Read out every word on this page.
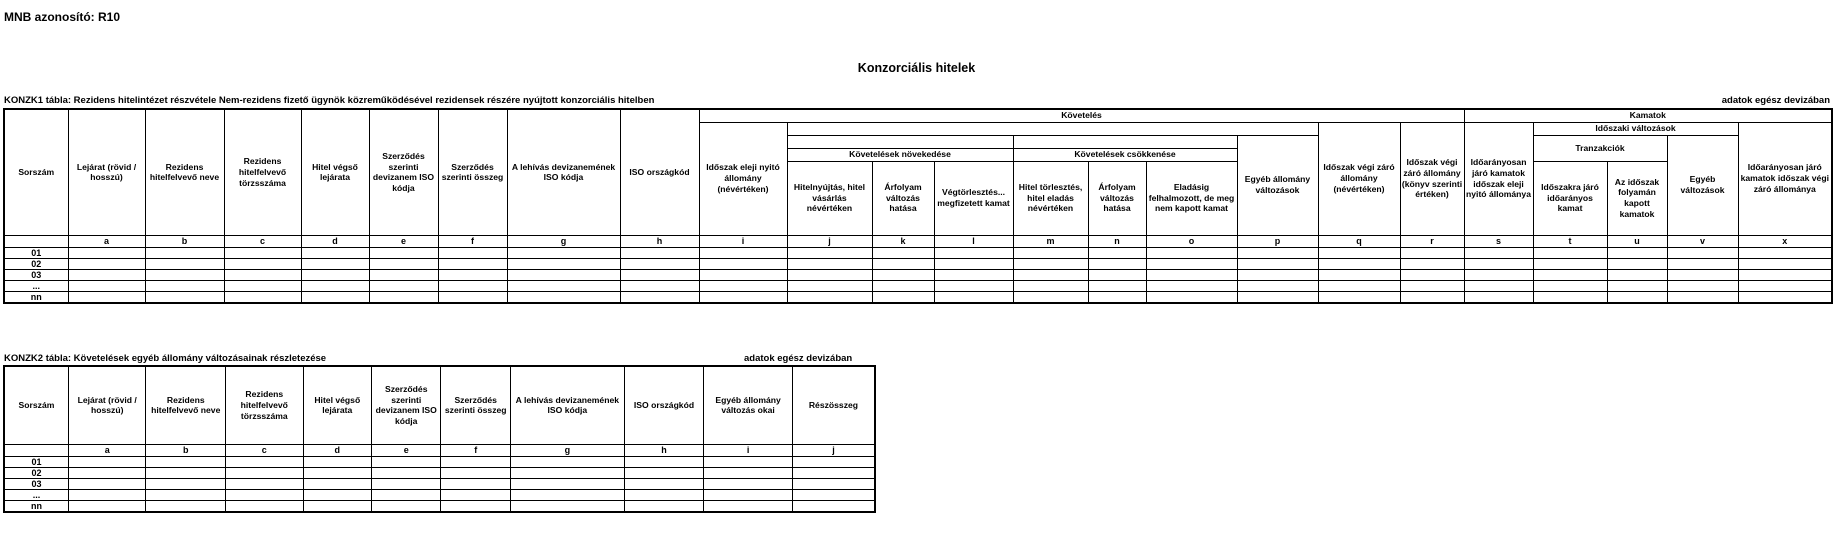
MNB azonosító: R10
Konzorciális hitelek
KONZK1 tábla: Rezidens hitelintézet részvétele Nem-rezidens fizető ügynök közreműködésével rezidensek részére nyújtott konzorciális hitelben	adatok egész devizában
Sorszám	Lejárat (rövid / hosszú)	Rezidens hitelfelvevő neve	Rezidens hitelfelvevő törzsszáma	Hitel végső lejárata	Szerződés szerinti devizanem ISO kódja	Szerződés szerinti összeg	A lehívás devizanemének ISO kódja	ISO országkód	Követelés										Kamatok				
									Időszak eleji nyitó állomány (névértéken)								Időszak végi záró állomány (névértéken)	Időszak végi záró állomány (könyv szerinti értéken)	Időarányosan járó kamatok időszak eleji nyitó állománya	Időszaki változások			Időarányosan járó kamatok időszak végi záró állománya
																Egyéb állomány változások				Tranzakciók		Egyéb változások	
										Követelések növekedése			Követelések csökkenése										
										Hitelnyújtás, hitel vásárlás névértéken	Árfolyam változás hatása	Végtörlesztés... megfizetett kamat	Hitel törlesztés, hitel eladás névértéken	Árfolyam változás hatása	Eladásig felhalmozott, de meg nem kapott kamat					Időszakra járó időarányos kamat	Az időszak folyamán kapott kamatok		
	a	b	c	d	e	f	g	h	i	j	k	l	m	n	o	p	q	r	s	t	u	v	x
01																							
02																							
03																							
...																							
nn																							
KONZK2 tábla: Követelések egyéb állomány változásainak részletezése	adatok egész devizában
Sorszám	Lejárat (rövid / hosszú)	Rezidens hitelfelvevő neve	Rezidens hitelfelvevő törzsszáma	Hitel végső lejárata	Szerződés szerinti devizanem ISO kódja	Szerződés szerinti összeg	A lehívás devizanemének ISO kódja	ISO országkód	Egyéb állomány változás okai	Részösszeg
	a	b	c	d	e	f	g	h	i	j
01										
02										
03										
...										
nn										
